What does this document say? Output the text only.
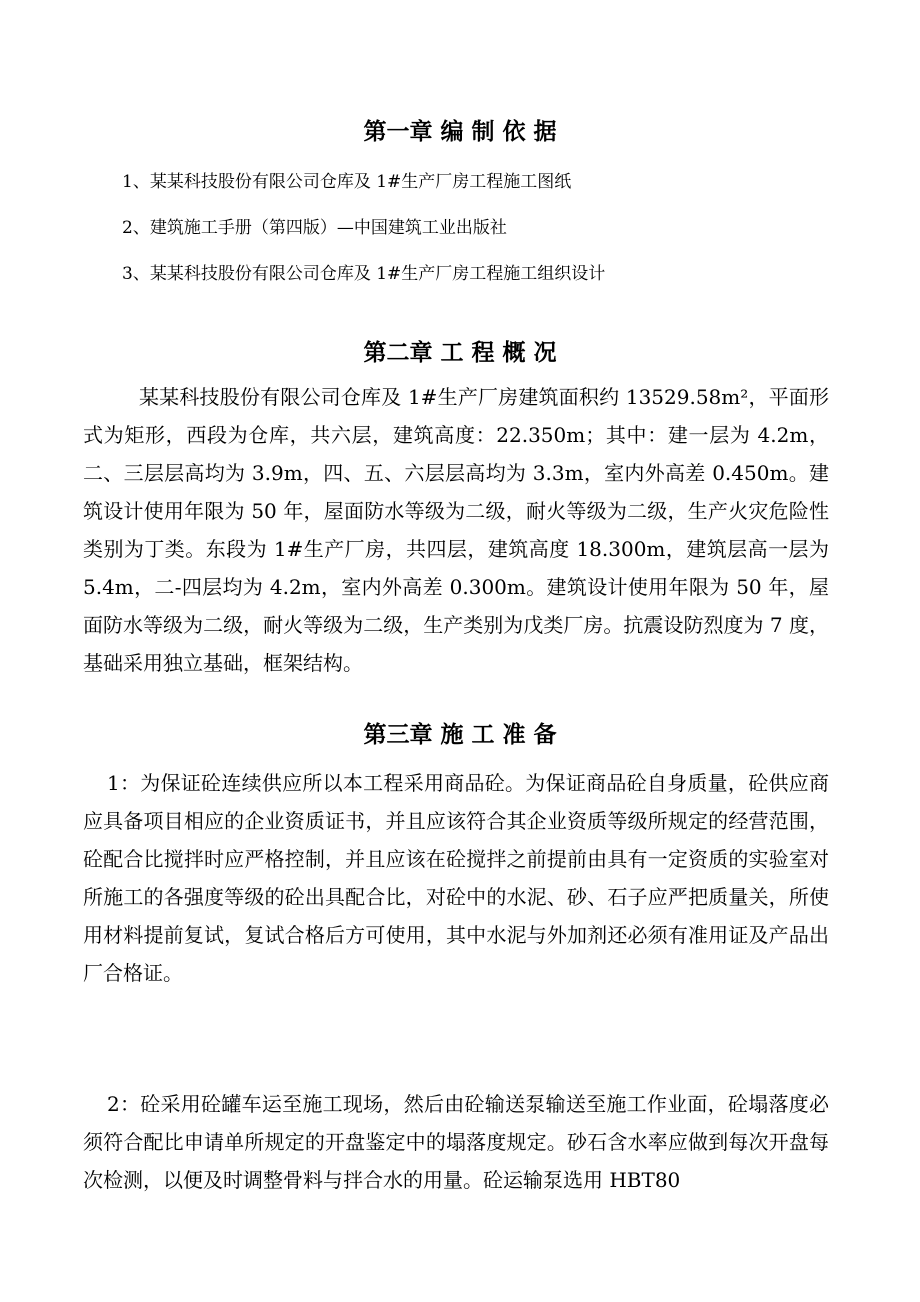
第一章 编 制 依 据
1、某某科技股份有限公司仓库及 1#生产厂房工程施工图纸
2、建筑施工手册（第四版）—中国建筑工业出版社
3、某某科技股份有限公司仓库及 1#生产厂房工程施工组织设计
第二章 工 程 概 况

某某科技股份有限公司仓库及 1#生产厂房建筑面积约 13529.58m²，平面形式为矩形，西段为仓库，共六层，建筑高度：22.350m；其中：建一层为 4.2m，二、三层层高均为 3.9m，四、五、六层层高均为 3.3m，室内外高差 0.450m。建筑设计使用年限为 50 年，屋面防水等级为二级，耐火等级为二级，生产火灾危险性类别为丁类。东段为 1#生产厂房，共四层，建筑高度 18.300m，建筑层高一层为 5.4m，二-四层均为 4.2m，室内外高差 0.300m。建筑设计使用年限为 50 年，屋面防水等级为二级，耐火等级为二级，生产类别为戊类厂房。抗震设防烈度为 7 度，基础采用独立基础，框架结构。

第三章 施 工 准 备

1：为保证砼连续供应所以本工程采用商品砼。为保证商品砼自身质量，砼供应商应具备项目相应的企业资质证书，并且应该符合其企业资质等级所规定的经营范围，砼配合比搅拌时应严格控制，并且应该在砼搅拌之前提前由具有一定资质的实验室对所施工的各强度等级的砼出具配合比，对砼中的水泥、砂、石子应严把质量关，所使用材料提前复试，复试合格后方可使用，其中水泥与外加剂还必须有准用证及产品出厂合格证。

2：砼采用砼罐车运至施工现场，然后由砼输送泵输送至施工作业面，砼塌落度必须符合配比申请单所规定的开盘鉴定中的塌落度规定。砂石含水率应做到每次开盘每次检测，以便及时调整骨料与拌合水的用量。砼运输泵选用 HBT80
